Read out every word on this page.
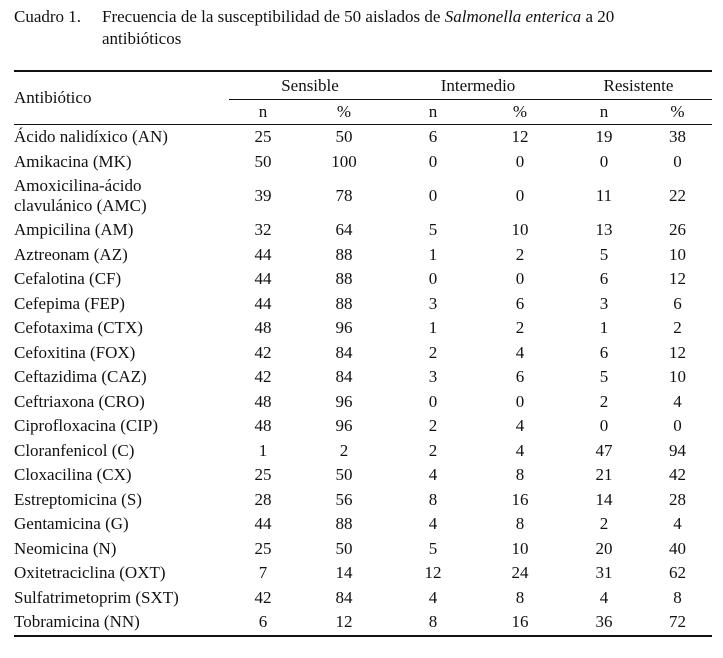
Cuadro 1. Frecuencia de la susceptibilidad de 50 aislados de Salmonella enterica a 20
antibióticos
Antibiótico	Sensible		Intermedio		Resistente	
	n	%	n	%	n	%

Ácido nalidíxico (AN)	25	50	6	12	19	38

Amikacina (MK)	50	100	0	0	0	0

Amoxicilina-ácido
clavulánico (AMC)	39	78	0	0	11	22

Ampicilina (AM)	32	64	5	10	13	26

Aztreonam (AZ)	44	88	1	2	5	10

Cefalotina (CF)	44	88	0	0	6	12

Cefepima (FEP)	44	88	3	6	3	6

Cefotaxima (CTX)	48	96	1	2	1	2

Cefoxitina (FOX)	42	84	2	4	6	12

Ceftazidima (CAZ)	42	84	3	6	5	10

Ceftriaxona (CRO)	48	96	0	0	2	4

Ciprofloxacina (CIP)	48	96	2	4	0	0

Cloranfenicol (C)	1	2	2	4	47	94

Cloxacilina (CX)	25	50	4	8	21	42

Estreptomicina (S)	28	56	8	16	14	28

Gentamicina (G)	44	88	4	8	2	4

Neomicina (N)	25	50	5	10	20	40

Oxitetraciclina (OXT)	7	14	12	24	31	62

Sulfatrimetoprim (SXT)	42	84	4	8	4	8

Tobramicina (NN)	6	12	8	16	36	72
